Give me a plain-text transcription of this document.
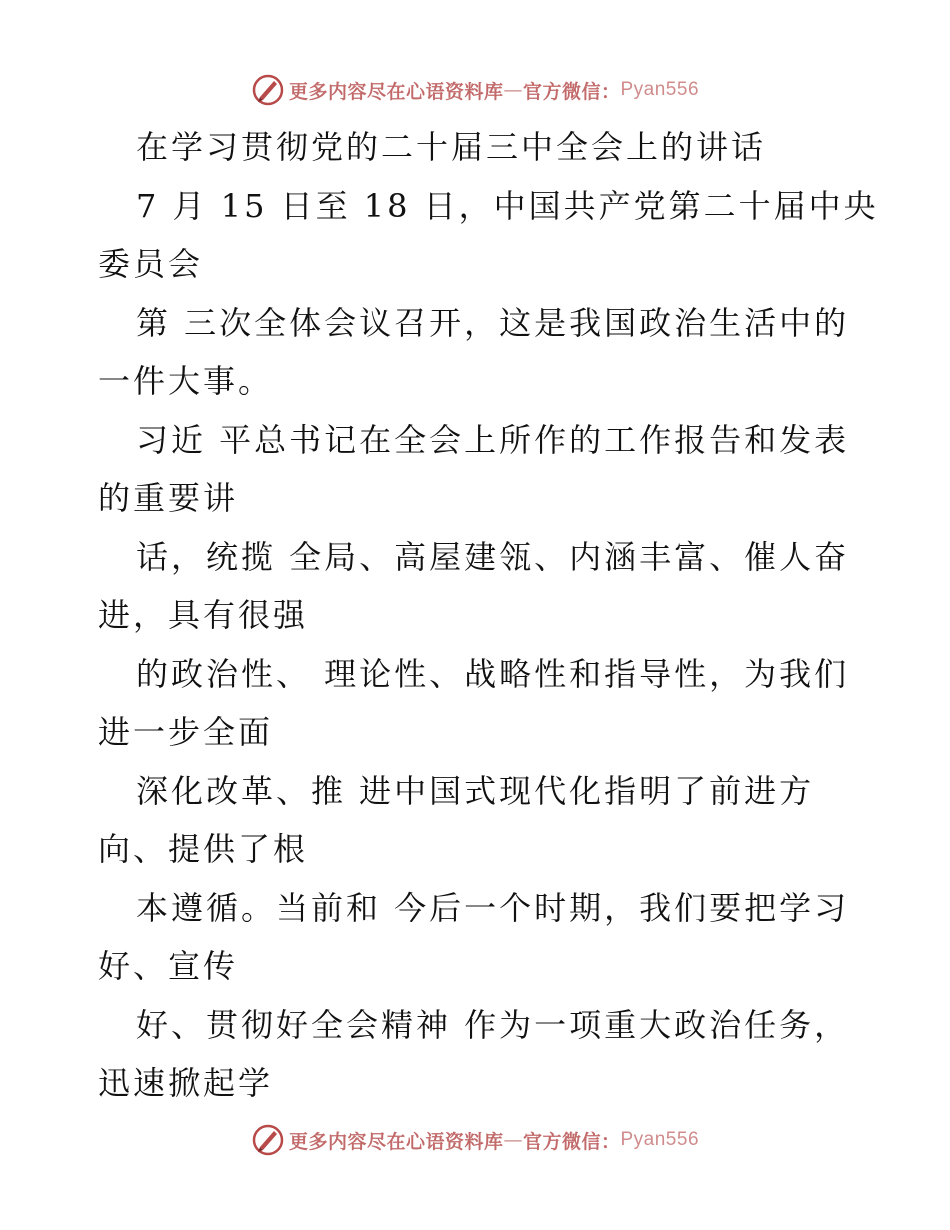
更多内容尽在心语资料库 — 官方微信： Pyan556
在学习贯彻党的二十届三中全会上的讲话
7 月 15 日至 18 日，中国共产党第二十届中央
委员会
第 三次全体会议召开，这是我国政治生活中的
一件大事。
习近 平总书记在全会上所作的工作报告和发表
的重要讲
话，统揽 全局、高屋建瓴、内涵丰富、催人奋
进，具有很强
的政治性、 理论性、战略性和指导性，为我们
进一步全面
深化改革、推 进中国式现代化指明了前进方
向、提供了根
本遵循。当前和 今后一个时期，我们要把学习
好、宣传
好、贯彻好全会精神 作为一项重大政治任务，
迅速掀起学
更多内容尽在心语资料库 — 官方微信： Pyan556
